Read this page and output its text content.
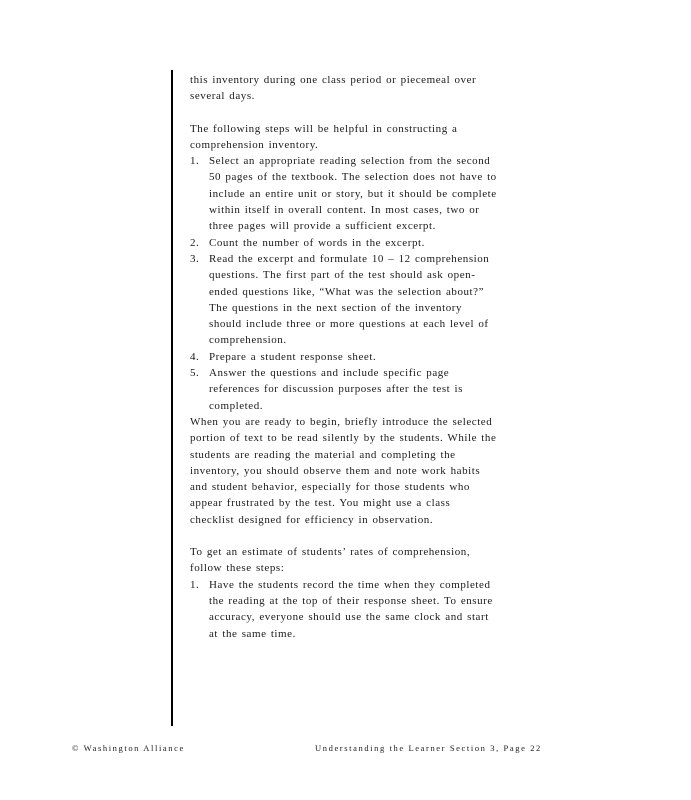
this inventory during one class period or piecemeal over

several days.

The following steps will be helpful in constructing a

comprehension inventory.

1. Select an appropriate reading selection from the second
50 pages of the textbook. The selection does not have to
include an entire unit or story, but it should be complete
within itself in overall content. In most cases, two or
three pages will provide a sufficient excerpt.
2. Count the number of words in the excerpt.
3. Read the excerpt and formulate 10 – 12 comprehension
questions. The first part of the test should ask open-
ended questions like, “What was the selection about?”
The questions in the next section of the inventory
should include three or more questions at each level of
comprehension.
4. Prepare a student response sheet.
5. Answer the questions and include specific page
references for discussion purposes after the test is
completed.

When you are ready to begin, briefly introduce the selected

portion of text to be read silently by the students. While the

students are reading the material and completing the

inventory, you should observe them and note work habits

and student behavior, especially for those students who

appear frustrated by the test. You might use a class

checklist designed for efficiency in observation.

To get an estimate of students’ rates of comprehension,

follow these steps:

1. Have the students record the time when they completed
the reading at the top of their response sheet. To ensure
accuracy, everyone should use the same clock and start
at the same time.
© Washington Alliance	Understanding the Learner Section 3, Page 22
